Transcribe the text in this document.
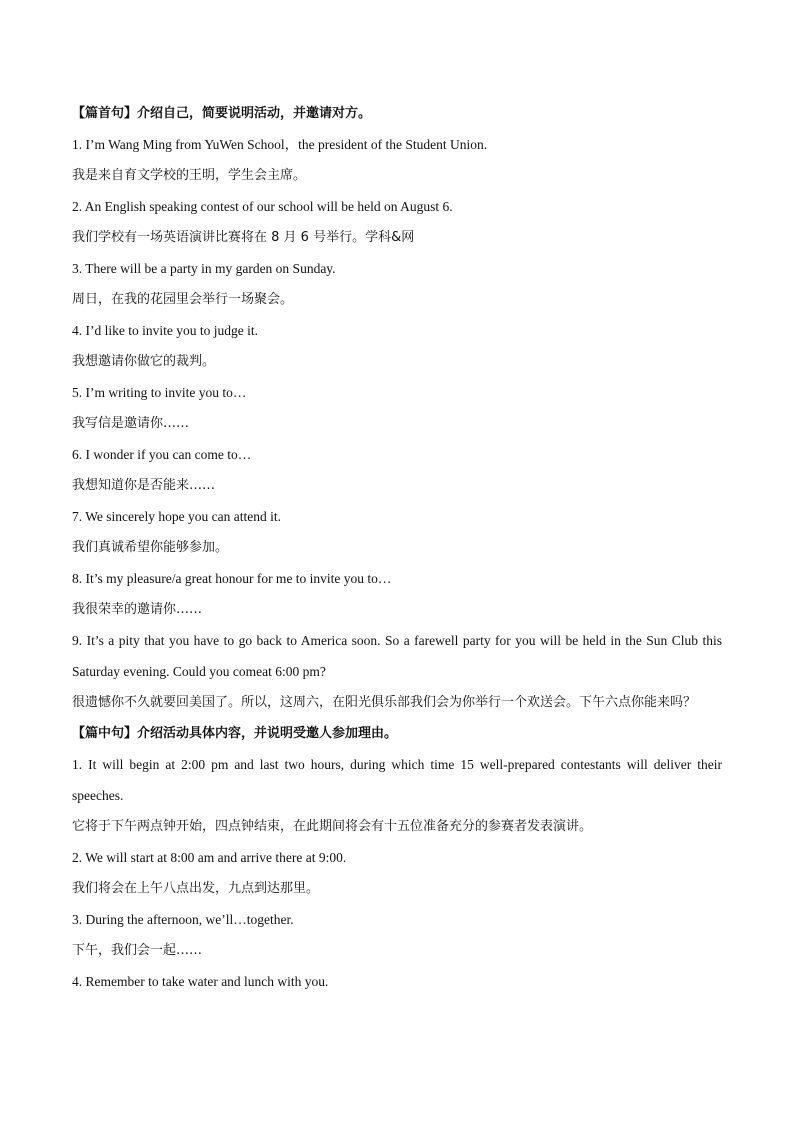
【篇首句】介绍自己，简要说明活动，并邀请对方。
1. I’m Wang Ming from YuWen School，the president of the Student Union.
我是来自育文学校的王明，学生会主席。
2. An English speaking contest of our school will be held on August 6.
我们学校有一场英语演讲比赛将在 8 月 6 号举行。学科&网
3. There will be a party in my garden on Sunday.
周日，在我的花园里会举行一场聚会。
4. I’d like to invite you to judge it.
我想邀请你做它的裁判。
5. I’m writing to invite you to…
我写信是邀请你……
6. I wonder if you can come to…
我想知道你是否能来……
7. We sincerely hope you can attend it.
我们真诚希望你能够参加。
8. It’s my pleasure/a great honour for me to invite you to…
我很荣幸的邀请你……
9. It’s a pity that you have to go back to America soon. So a farewell party for you will be held in the Sun Club this Saturday evening. Could you comeat 6:00 pm?
很遗憾你不久就要回美国了。所以，这周六，在阳光俱乐部我们会为你举行一个欢送会。下午六点你能来吗？
【篇中句】介绍活动具体内容，并说明受邀人参加理由。
1. It will begin at 2:00 pm and last two hours, during which time 15 well-prepared contestants will deliver their speeches.
它将于下午两点钟开始，四点钟结束，在此期间将会有十五位准备充分的参赛者发表演讲。
2. We will start at 8:00 am and arrive there at 9:00.
我们将会在上午八点出发，九点到达那里。
3. During the afternoon, we’ll…together.
下午，我们会一起……
4. Remember to take water and lunch with you.
